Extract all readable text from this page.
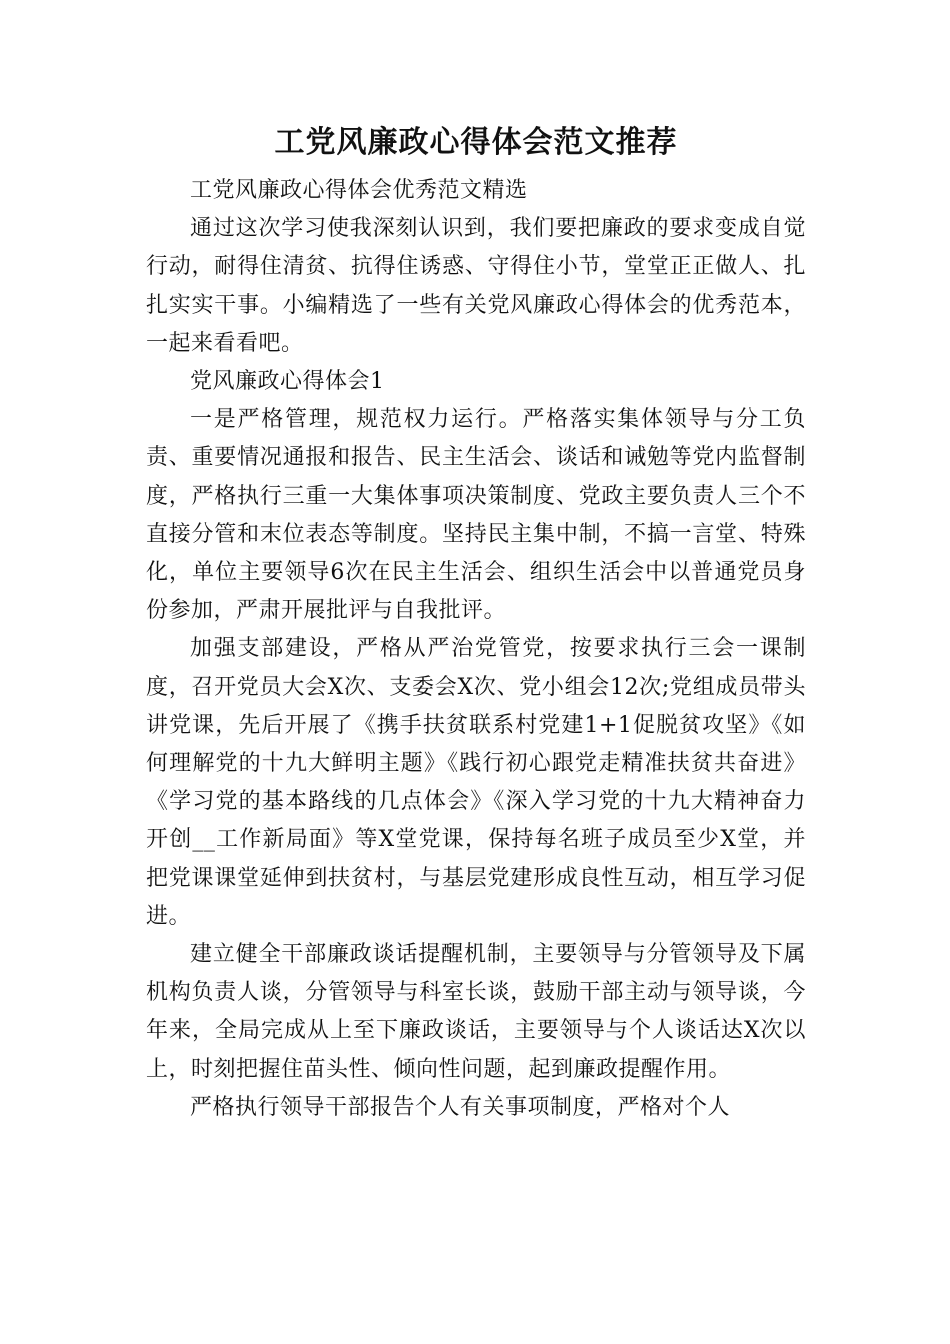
工党风廉政心得体会范文推荐

工党风廉政心得体会优秀范文精选

通过这次学习使我深刻认识到，我们要把廉政的要求变成自觉行动，耐得住清贫、抗得住诱惑、守得住小节，堂堂正正做人、扎扎实实干事。小编精选了一些有关党风廉政心得体会的优秀范本，一起来看看吧。

党风廉政心得体会1

一是严格管理，规范权力运行。严格落实集体领导与分工负责、重要情况通报和报告、民主生活会、谈话和诫勉等党内监督制度，严格执行三重一大集体事项决策制度、党政主要负责人三个不直接分管和末位表态等制度。坚持民主集中制，不搞一言堂、特殊化，单位主要领导6次在民主生活会、组织生活会中以普通党员身份参加，严肃开展批评与自我批评。

加强支部建设，严格从严治党管党，按要求执行三会一课制度，召开党员大会X次、支委会X次、党小组会12次;党组成员带头讲党课，先后开展了《携手扶贫联系村党建1+1促脱贫攻坚》《如何理解党的十九大鲜明主题》《践行初心跟党走精准扶贫共奋进》《学习党的基本路线的几点体会》《深入学习党的十九大精神奋力开创__工作新局面》等X堂党课，保持每名班子成员至少X堂，并把党课课堂延伸到扶贫村，与基层党建形成良性互动，相互学习促进。

建立健全干部廉政谈话提醒机制，主要领导与分管领导及下属机构负责人谈，分管领导与科室长谈，鼓励干部主动与领导谈，今年来，全局完成从上至下廉政谈话，主要领导与个人谈话达X次以上，时刻把握住苗头性、倾向性问题，起到廉政提醒作用。

严格执行领导干部报告个人有关事项制度，严格对个人
